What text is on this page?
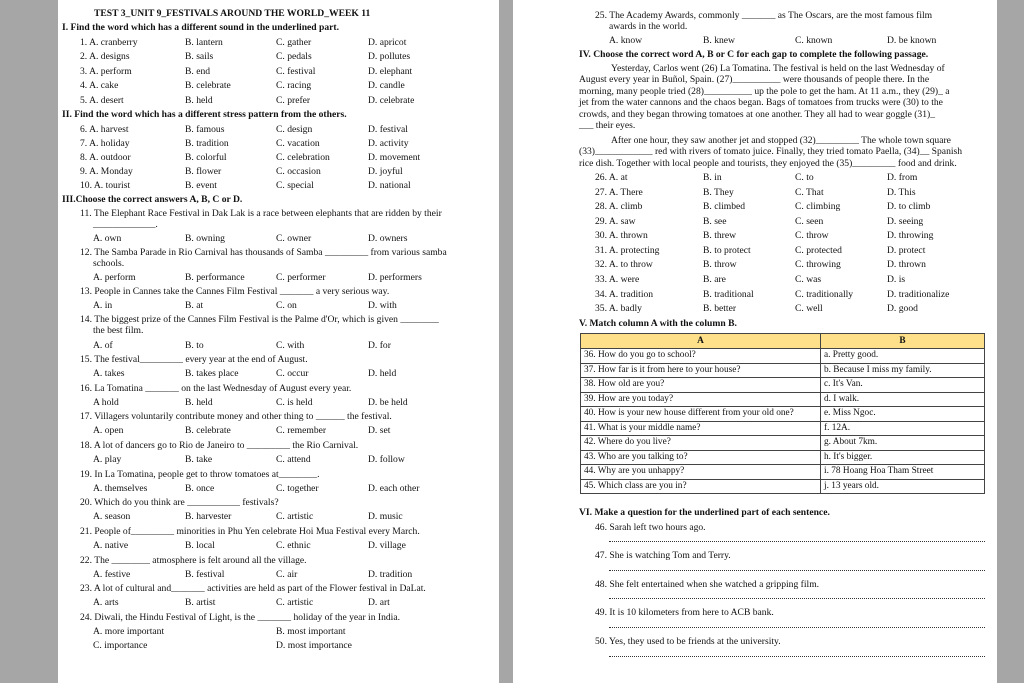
TEST 3_UNIT 9_FESTIVALS AROUND THE WORLD_WEEK 11
I. Find the word which has a different sound in the underlined part.
1. A. cranberry	B. lantern	C. gather	D. apricot
2. A. designs	B. sails	C. pedals	D. pollutes
3. A. perform	B. end	C. festival	D. elephant
4. A. cake	B. celebrate	C. racing	D. candle
5. A. desert	B. held	C. prefer	D. celebrate
II. Find the word which has a different stress pattern from the others.
6. A. harvest	B. famous	C. design	D. festival
7. A. holiday	B. tradition	C. vacation	D. activity
8. A. outdoor	B. colorful	C. celebration	D. movement
9. A. Monday	B. flower	C. occasion	D. joyful
10. A. tourist	B. event	C. special	D. national
III.Choose the correct answers A, B, C or D.
11. The Elephant Race Festival in Dak Lak is a race between elephants that are ridden by their
_____________.
A. own	B. owning	C. owner	D. owners
12. The Samba Parade in Rio Carnival has thousands of Samba _________ from various samba
schools.
A. perform	B. performance	C. performer	D. performers
13. People in Cannes take the Cannes Film Festival _______ a very serious way.
A. in	B. at	C. on	D. with
14. The biggest prize of the Cannes Film Festival is the Palme d'Or, which is given ________
the best film.
A. of	B. to	C. with	D. for
15. The festival_________ every year at the end of August.
A. takes	B. takes place	C. occur	D. held
16. La Tomatina _______ on the last Wednesday of August every year.
A hold	B. held	C. is held	D. be held
17. Villagers voluntarily contribute money and other thing to ______ the festival.
A. open	B. celebrate	C. remember	D. set
18. A lot of dancers go to Rio de Janeiro to _________ the Rio Carnival.
A. play	B. take	C. attend	D. follow
19. In La Tomatina, people get to throw tomatoes at________.
A. themselves	B. once	C. together	D. each other
20. Which do you think are ___________ festivals?
A. season	B. harvester	C. artistic	D. music
21. People of_________ minorities in Phu Yen celebrate Hoi Mua Festival every March.
A. native	B. local	C. ethnic	D. village
22. The ________ atmosphere is felt around all the village.
A. festive	B. festival	C. air	D. tradition
23. A lot of cultural and_______ activities are held as part of the Flower festival in DaLat.
A. arts	B. artist	C. artistic	D. art
24. Diwali, the Hindu Festival of Light, is the _______ holiday of the year in India.
A. more important	B. most important
C. importance	D. most importance
25. The Academy Awards, commonly _______ as The Oscars, are the most famous film
awards in the world.
A. know	B. knew	C. known	D. be known
IV. Choose the correct word A, B or C for each gap to complete the following passage.
Yesterday, Carlos went (26) La Tomatina. The festival is held on the last Wednesday of
August every year in Buñol, Spain. (27)__________ were thousands of people there. In the
morning, many people tried (28)__________ up the pole to get the ham. At 11 a.m., they (29)_ a
jet from the water cannons and the chaos began. Bags of tomatoes from trucks were (30) to the
crowds, and they began throwing tomatoes at one another. They all had to wear goggle (31)_
___ their eyes.
After one hour, they saw another jet and stopped (32)_________ The whole town square
(33)____________ red with rivers of tomato juice. Finally, they tried tomato Paella, (34)__ Spanish
rice dish. Together with local people and tourists, they enjoyed the (35)_________ food and drink.
26. A. at	B. in	C. to	D. from
27. A. There	B. They	C. That	D. This
28. A. climb	B. climbed	C. climbing	D. to climb
29. A. saw	B. see	C. seen	D. seeing
30. A. thrown	B. threw	C. throw	D. throwing
31. A. protecting	B. to protect	C. protected	D. protect
32. A. to throw	B. throw	C. throwing	D. thrown
33. A. were	B. are	C. was	D. is
34. A. tradition	B. traditional	C. traditionally	D. traditionalize
35. A. badly	B. better	C. well	D. good
V. Match column A with the column B.
A	B
36. How do you go to school?	a. Pretty good.
37. How far is it from here to your house?	b. Because I miss my family.
38. How old are you?	c. It's Van.
39. How are you today?	d. I walk.
40. How is your new house different from your old one?	e. Miss Ngoc.
41. What is your middle name?	f. 12A.
42. Where do you live?	g. About 7km.
43. Who are you talking to?	h. It's bigger.
44. Why are you unhappy?	i. 78 Hoang Hoa Tham Street
45. Which class are you in?	j. 13 years old.
VI. Make a question for the underlined part of each sentence.
46. Sarah left two hours ago.
47. She is watching Tom and Terry.
48. She felt entertained when she watched a gripping film.
49. It is 10 kilometers from here to ACB bank.
50. Yes, they used to be friends at the university.
